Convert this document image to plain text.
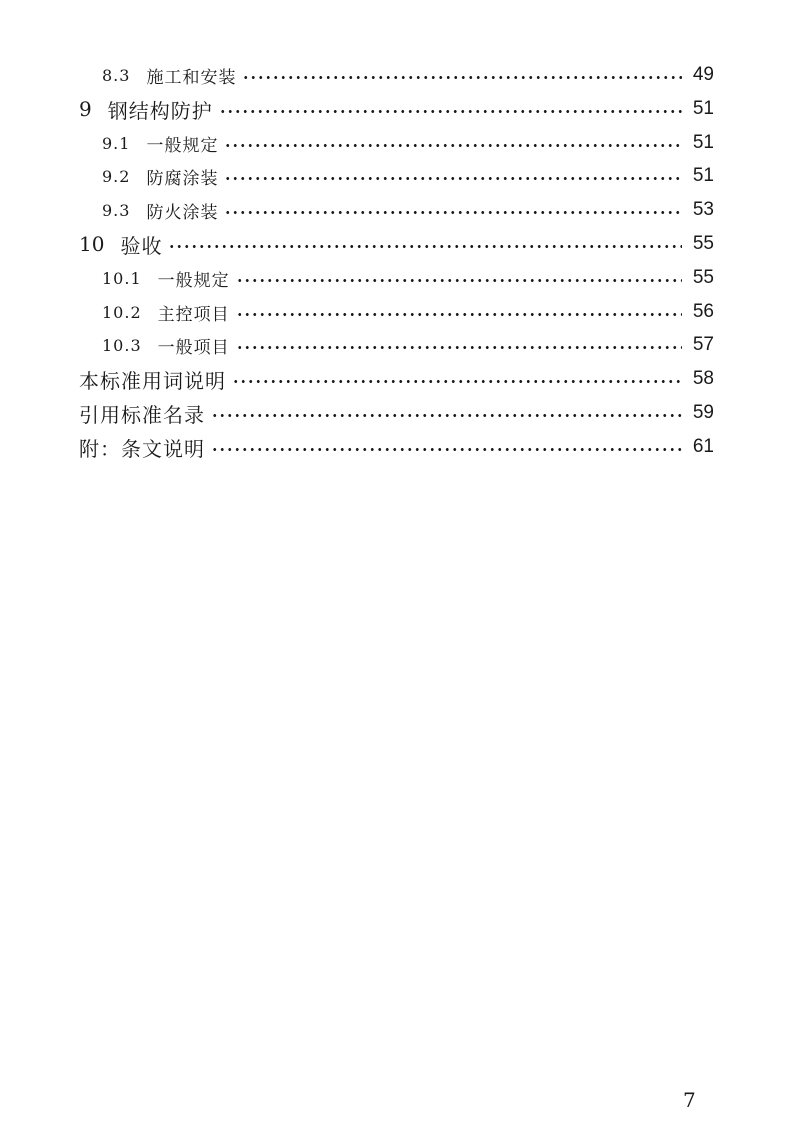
8.3 施工和安装	49
9 钢结构防护	51
9.1 一般规定	51
9.2 防腐涂装	51
9.3 防火涂装	53
10 验收	55
10.1 一般规定	55
10.2 主控项目	56
10.3 一般项目	57
本标准用词说明	58
引用标准名录	59
附：条文说明	61
7
